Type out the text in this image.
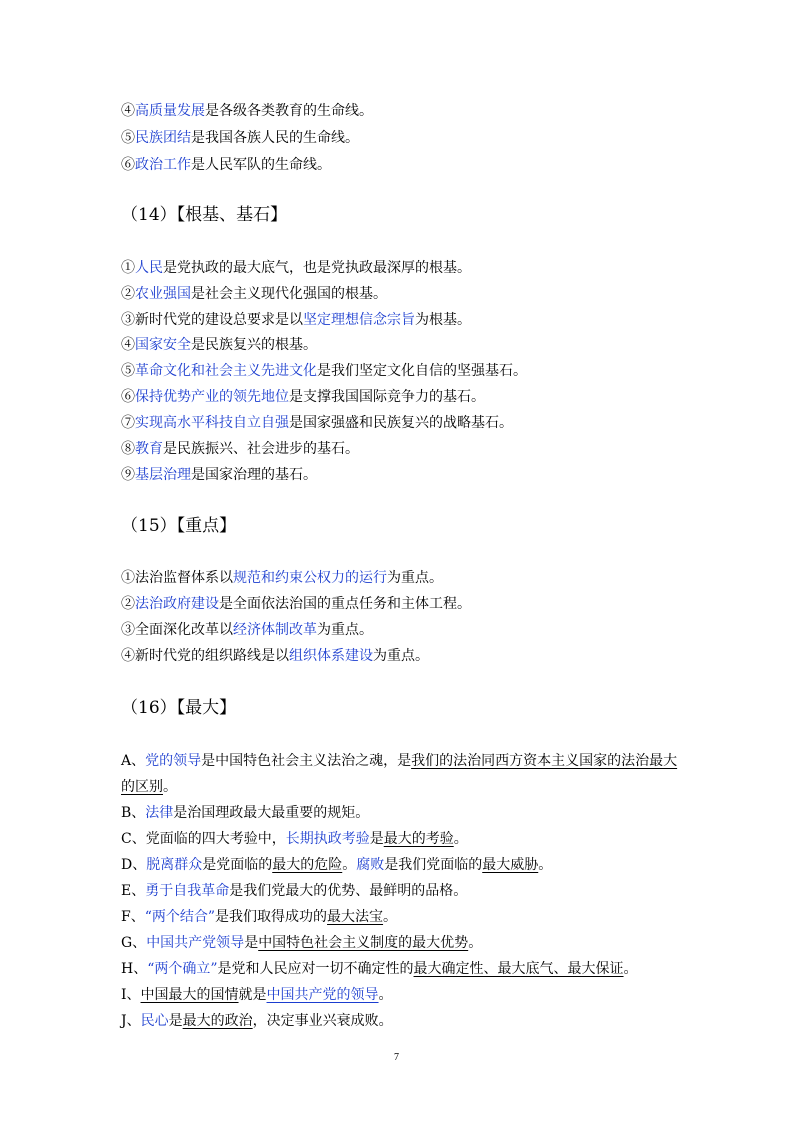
④高质量发展是各级各类教育的生命线。
⑤民族团结是我国各族人民的生命线。
⑥政治工作是人民军队的生命线。
（14）【根基、基石】
①人民是党执政的最大底气，也是党执政最深厚的根基。
②农业强国是社会主义现代化强国的根基。
③新时代党的建设总要求是以坚定理想信念宗旨为根基。
④国家安全是民族复兴的根基。
⑤革命文化和社会主义先进文化是我们坚定文化自信的坚强基石。
⑥保持优势产业的领先地位是支撑我国国际竞争力的基石。
⑦实现高水平科技自立自强是国家强盛和民族复兴的战略基石。
⑧教育是民族振兴、社会进步的基石。
⑨基层治理是国家治理的基石。
（15）【重点】
①法治监督体系以规范和约束公权力的运行为重点。
②法治政府建设是全面依法治国的重点任务和主体工程。
③全面深化改革以经济体制改革为重点。
④新时代党的组织路线是以组织体系建设为重点。
（16）【最大】
A、党的领导是中国特色社会主义法治之魂，是我们的法治同西方资本主义国家的法治最大
的区别。
B、法律是治国理政最大最重要的规矩。
C、党面临的四大考验中，长期执政考验是最大的考验。
D、脱离群众是党面临的最大的危险。腐败是我们党面临的最大威胁。
E、勇于自我革命是我们党最大的优势、最鲜明的品格。
F、“两个结合”是我们取得成功的最大法宝。
G、中国共产党领导是中国特色社会主义制度的最大优势。
H、“两个确立”是党和人民应对一切不确定性的最大确定性、最大底气、最大保证。
I、中国最大的国情就是中国共产党的领导。
J、民心是最大的政治，决定事业兴衰成败。
7
